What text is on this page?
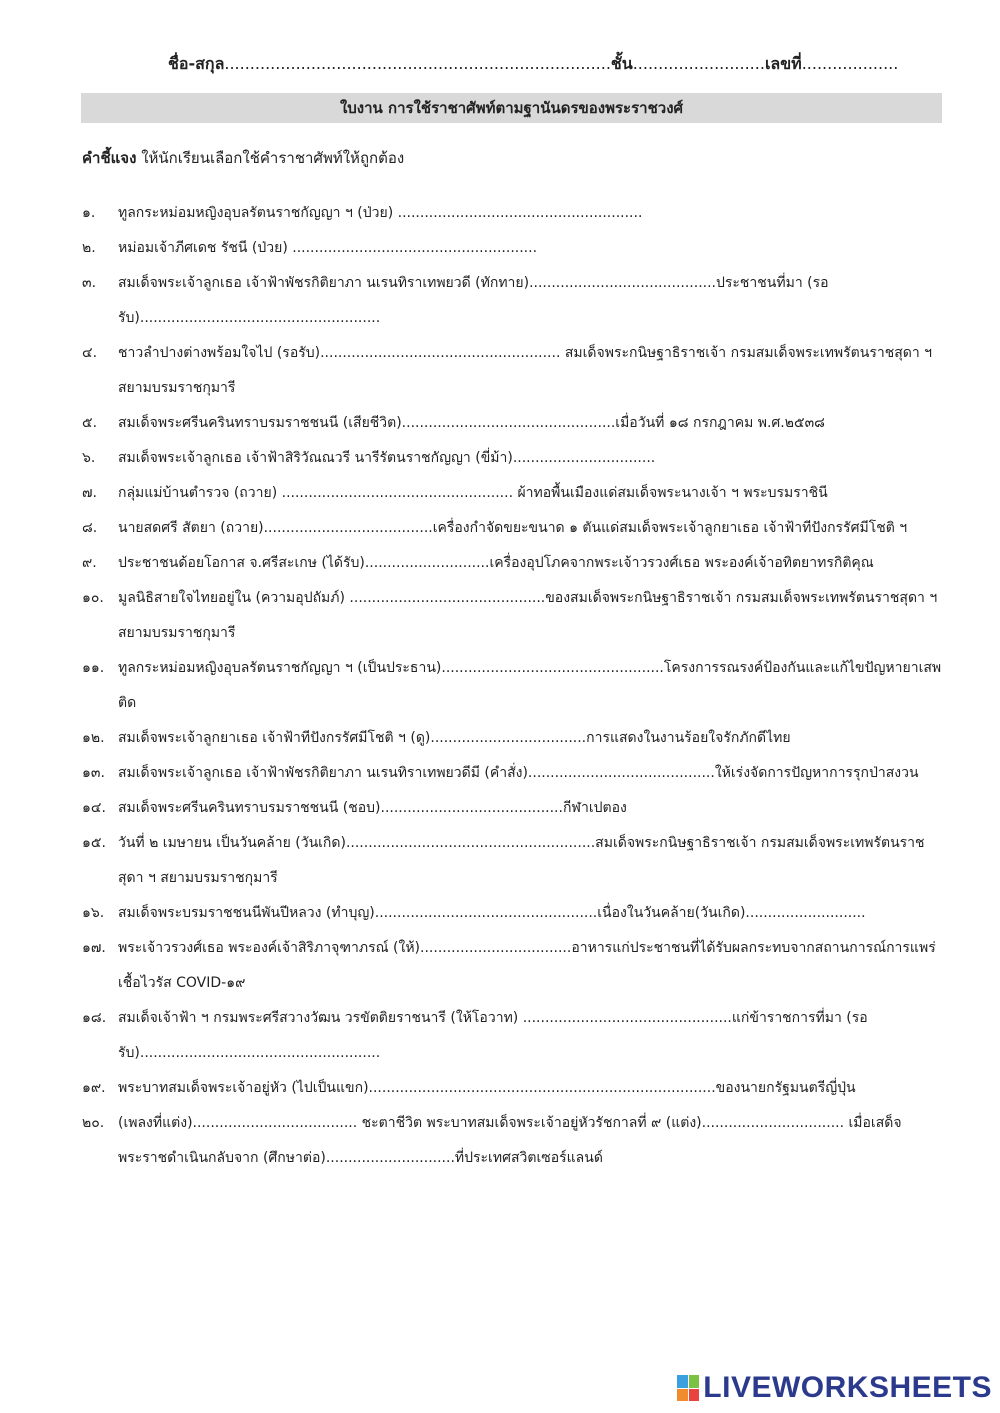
ชื่อ-สกุล............................................................................ชั้น..........................เลขที่...................
ใบงาน การใช้ราชาศัพท์ตามฐานันดรของพระราชวงศ์
คำชี้แจง ให้นักเรียนเลือกใช้คำราชาศัพท์ให้ถูกต้อง
๑.	ทูลกระหม่อมหญิงอุบลรัตนราชกัญญา ฯ (ป่วย) .......................................................
๒.	หม่อมเจ้าภีศเดช รัชนี (ป่วย) .......................................................
๓.	สมเด็จพระเจ้าลูกเธอ เจ้าฟ้าพัชรกิติยาภา นเรนทิราเทพยวดี (ทักทาย)..........................................ประชาชนที่มา (รอรับ)......................................................
๔.	ชาวลำปางต่างพร้อมใจไป (รอรับ)...................................................... สมเด็จพระกนิษฐาธิราชเจ้า กรมสมเด็จพระเทพรัตนราชสุดา ฯ สยามบรมราชกุมารี
๕.	สมเด็จพระศรีนครินทราบรมราชชนนี (เสียชีวิต)................................................เมื่อวันที่ ๑๘ กรกฎาคม พ.ศ.๒๕๓๘
๖.	สมเด็จพระเจ้าลูกเธอ เจ้าฟ้าสิริวัณณวรี นารีรัตนราชกัญญา (ขี่ม้า)................................
๗.	กลุ่มแม่บ้านตำรวจ (ถวาย) .................................................... ผ้าทอพื้นเมืองแด่สมเด็จพระนางเจ้า ฯ พระบรมราชินี
๘.	นายสดศรี สัตยา (ถวาย)......................................เครื่องกำจัดขยะขนาด ๑ ตันแด่สมเด็จพระเจ้าลูกยาเธอ เจ้าฟ้าทีปังกรรัศมีโชติ ฯ
๙.	ประชาชนด้อยโอกาส จ.ศรีสะเกษ (ได้รับ)............................เครื่องอุปโภคจากพระเจ้าวรวงศ์เธอ พระองค์เจ้าอทิตยาทรกิติคุณ
๑๐.	มูลนิธิสายใจไทยอยู่ใน (ความอุปถัมภ์) ............................................ของสมเด็จพระกนิษฐาธิราชเจ้า กรมสมเด็จพระเทพรัตนราชสุดา ฯ สยามบรมราชกุมารี
๑๑. ทูลกระหม่อมหญิงอุบลรัตนราชกัญญา ฯ (เป็นประธาน)..................................................โครงการรณรงค์ป้องกันและแก้ไขปัญหายาเสพติด
๑๒. สมเด็จพระเจ้าลูกยาเธอ เจ้าฟ้าทีปังกรรัศมีโชติ ฯ (ดู)...................................การแสดงในงานร้อยใจรักภักดีไทย
๑๓. สมเด็จพระเจ้าลูกเธอ เจ้าฟ้าพัชรกิติยาภา นเรนทิราเทพยวดีมี (คำสั่ง)..........................................ให้เร่งจัดการปัญหาการรุกป่าสงวน
๑๔. สมเด็จพระศรีนครินทราบรมราชชนนี (ชอบ).........................................กีฬาเปตอง
๑๕. วันที่ ๒ เมษายน เป็นวันคล้าย (วันเกิด)........................................................สมเด็จพระกนิษฐาธิราชเจ้า กรมสมเด็จพระเทพรัตนราชสุดา ฯ สยามบรมราชกุมารี
๑๖. สมเด็จพระบรมราชชนนีพันปีหลวง (ทำบุญ)..................................................เนื่องในวันคล้าย(วันเกิด)...........................
๑๗. พระเจ้าวรวงศ์เธอ พระองค์เจ้าสิริภาจุฑาภรณ์ (ให้)..................................อาหารแก่ประชาชนที่ได้รับผลกระทบจากสถานการณ์การแพร่เชื้อไวรัส COVID-๑๙
๑๘. สมเด็จเจ้าฟ้า ฯ กรมพระศรีสวางวัฒน วรขัตติยราชนารี (ให้โอวาท) ...............................................แก่ข้าราชการที่มา (รอรับ)......................................................
๑๙. พระบาทสมเด็จพระเจ้าอยู่หัว (ไปเป็นแขก)..............................................................................ของนายกรัฐมนตรีญี่ปุ่น
๒๐. (เพลงที่แต่ง)..................................... ชะตาชีวิต พระบาทสมเด็จพระเจ้าอยู่หัวรัชกาลที่ ๙ (แต่ง)................................ เมื่อเสด็จพระราชดำเนินกลับจาก (ศึกษาต่อ).............................ที่ประเทศสวิตเซอร์แลนด์
LIVEWORKSHEETS
